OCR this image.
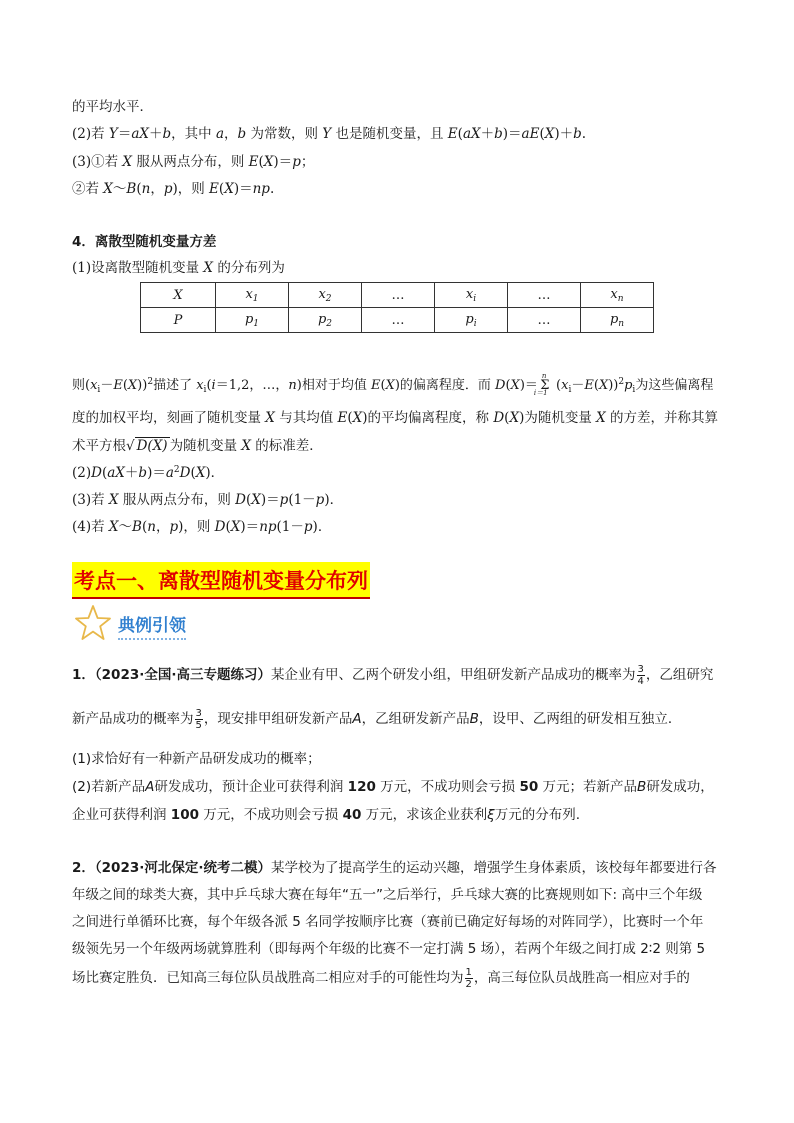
的平均水平．
(2)若 Y＝aX＋b，其中 a，b 为常数，则 Y 也是随机变量，且 E(aX＋b)＝aE(X)＋b.
(3)①若 X 服从两点分布，则 E(X)＝p；
②若 X～B(n，p)，则 E(X)＝np.
4．离散型随机变量方差
(1)设离散型随机变量 X 的分布列为
X	$x_1$	$x_2$	…	$x_i$	…	$x_n$
P	$p_1$	$p_2$	…	$p_i$	…	$p_n$
则$(x_i-E(X))^2$描述了 $x_i(i=1,2$，…，n)相对于均值 E(X)的偏离程度．而 D(X)＝ Σ
n
i＝1 $(x_i-E(X))^2p_i$为这些偏离程
度的加权平均，刻画了随机变量 X 与其均值 E(X)的平均偏离程度，称 D(X)为随机变量 X 的方差，并称其算
术平方根√ D(X) 为随机变量 X 的标准差．
$(2)D(aX+b)=a^2D(X)$．
(3)若 X 服从两点分布，则 D(X)＝p(1－p)．
(4)若 X～B(n，p)，则 D(X)＝np(1－p)．
考点一、离散型随机变量分布列
典例引领
1．（2023·全国·高三专题练习）某企业有甲、乙两个研发小组，甲组研发新产品成功的概率为 $\frac{3}{4}$ ，乙组研究
新产品成功的概率为 $\frac{3}{5}$ ，现安排甲组研发新产品A，乙组研发新产品B，设甲、乙两组的研发相互独立．
(1)求恰好有一种新产品研发成功的概率；
(2)若新产品A研发成功，预计企业可获得利润 120 万元，不成功则会亏损 50 万元；若新产品B研发成功，
企业可获得利润 100 万元，不成功则会亏损 40 万元，求该企业获利ξ万元的分布列.
2．（2023·河北保定·统考二模）某学校为了提高学生的运动兴趣，增强学生身体素质，该校每年都要进行各
年级之间的球类大赛，其中乒乓球大赛在每年“五一”之后举行，乒乓球大赛的比赛规则如下: 高中三个年级
之间进行单循环比赛，每个年级各派 5 名同学按顺序比赛（赛前已确定好每场的对阵同学），比赛时一个年
级领先另一个年级两场就算胜利（即每两个年级的比赛不一定打满 5 场），若两个年级之间打成 2∶2 则第 5
场比赛定胜负．已知高三每位队员战胜高二相应对手的可能性均为 $\frac{1}{2}$ ，高三每位队员战胜高一相应对手的
